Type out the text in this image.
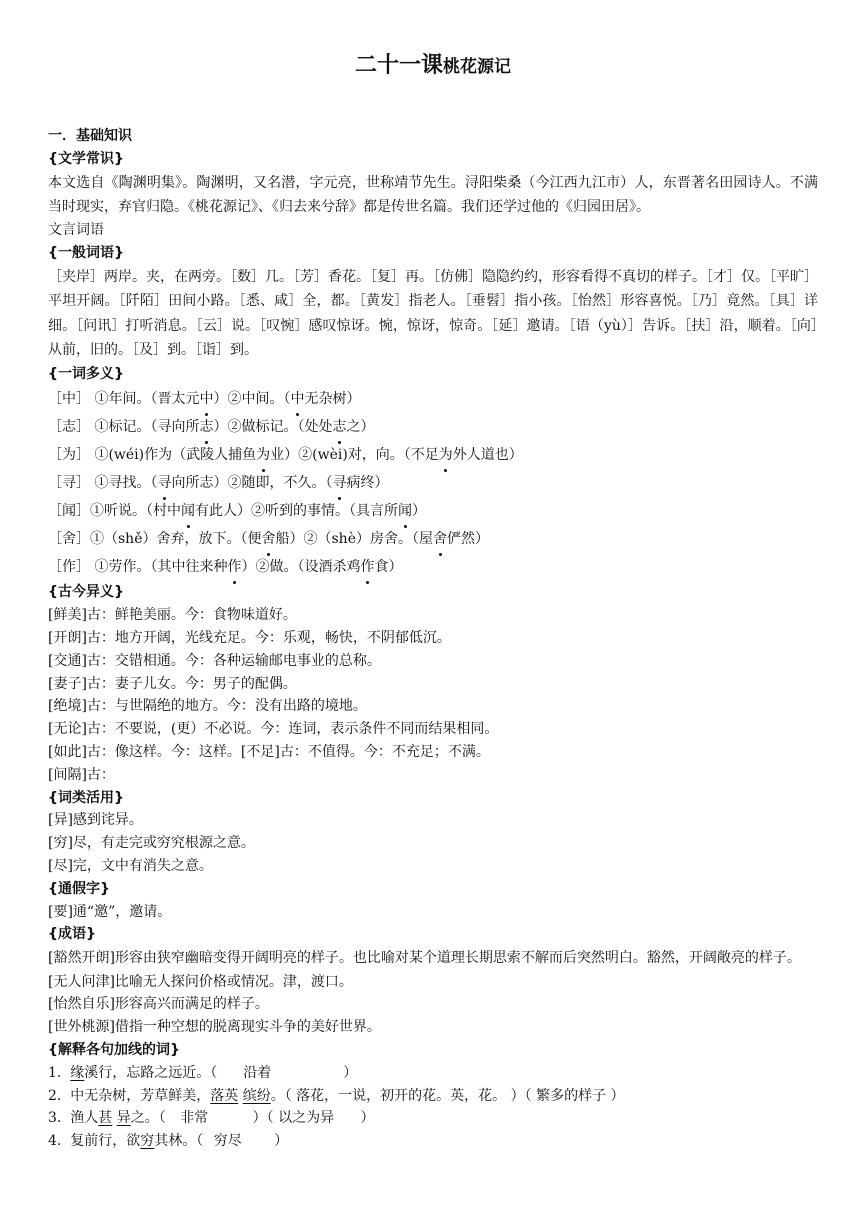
二十一课桃花源记
一．基础知识
{文学常识}
本文选自《陶渊明集》。陶渊明，又名潜，字元亮，世称靖节先生。浔阳柴桑（今江西九江市）人，东晋著名田园诗人。不满当时现实，弃官归隐。《桃花源记》、《归去来兮辞》都是传世名篇。我们还学过他的《归园田居》。
文言词语
{一般词语}
［夹岸］两岸。夹，在两旁。［数］几。［芳］香花。［复］再。［仿佛］隐隐约约，形容看得不真切的样子。［才］仅。［平旷］平坦开阔。［阡陌］田间小路。［悉、咸］全，都。［黄发］指老人。［垂髫］指小孩。［怡然］形容喜悦。［乃］竟然。［具］详细。［问讯］打听消息。［云］说。［叹惋］感叹惊讶。惋，惊讶，惊奇。［延］邀请。［语（yù）］告诉。［扶］沿，顺着。［向］从前，旧的。［及］到。［诣］到。
{一词多义}
［中］ ①年间。（晋太元中）②中间。（中无杂树）
［志］ ①标记。（寻向所志）②做标记。（处处志之）
［为］ ①(wéi)作为（武陵人捕鱼为业）②(wèi)对，向。（不足为外人道也）
［寻］ ①寻找。（寻向所志）②随即，不久。（寻病终）
［闻］①听说。（村中闻有此人）②听到的事情。（具言所闻）
［舍］①（shě）舍弃，放下。（便舍船）②（shè）房舍。（屋舍俨然）
［作］ ①劳作。（其中往来种作）②做。（设酒杀鸡作食）
{古今异义}
[鲜美]古：鲜艳美丽。今：食物味道好。
[开朗]古：地方开阔，光线充足。今：乐观，畅快，不阴郁低沉。
[交通]古：交错相通。今：各种运输邮电事业的总称。
[妻子]古：妻子儿女。今：男子的配偶。
[绝境]古：与世隔绝的地方。今：没有出路的境地。
[无论]古：不要说，(更）不必说。今：连词，表示条件不同而结果相同。
[如此]古：像这样。今：这样。[不足]古：不值得。今：不充足；不满。
[间隔]古：
{词类活用}
[异]感到诧异。
[穷]尽，有走完或穷究根源之意。
[尽]完，文中有消失之意。
{通假字}
[要]通“邀”，邀请。
{成语}
[豁然开朗]形容由狭窄幽暗变得开阔明亮的样子。也比喻对某个道理长期思索不解而后突然明白。豁然，开阔敞亮的样子。
[无人问津]比喻无人探问价格或情况。津，渡口。
[怡然自乐]形容高兴而满足的样子。
[世外桃源]借指一种空想的脱离现实斗争的美好世界。
{解释各句加线的词}
1. 缘溪行，忘路之远近。（ 沿着	）
2. 中无杂树，芳草鲜美，落英 缤纷。（ 落花，一说，初开的花。英，花。 ）（ 繁多的样子 ）
3. 渔人甚 异之。（ 非常	）（ 以之为异 ）
4. 复前行，欲穷其林。（ 穷尽 ）
